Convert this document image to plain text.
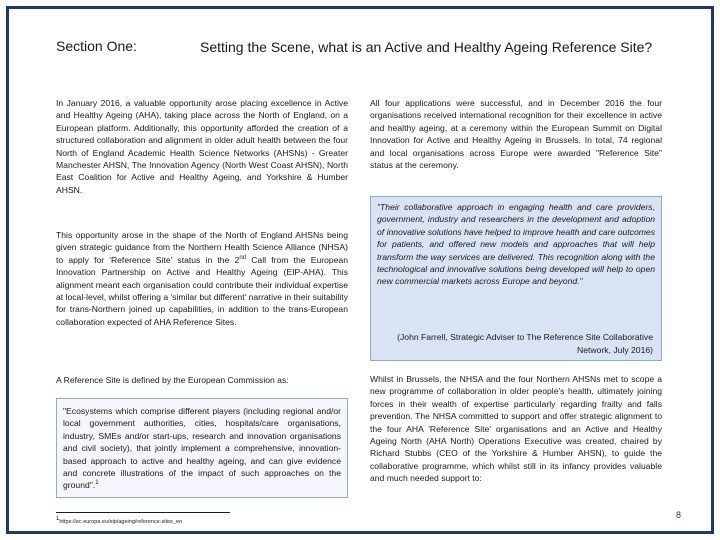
Section One:	Setting the Scene, what is an Active and Healthy Ageing Reference Site?

In January 2016, a valuable opportunity arose placing excellence in Active and Healthy Ageing (AHA), taking place across the North of England, on a European platform. Additionally, this opportunity afforded the creation of a structured collaboration and alignment in older adult health between the four North of England Academic Health Science Networks (AHSNs) - Greater Manchester AHSN, The Innovation Agency (North West Coast AHSN), North East Coalition for Active and Healthy Ageing, and Yorkshire & Humber AHSN.

This opportunity arose in the shape of the North of England AHSNs being given strategic guidance from the Northern Health Science Alliance (NHSA) to apply for 'Reference Site' status in the 2nd Call from the European Innovation Partnership on Active and Healthy Ageing (EIP-AHA). This alignment meant each organisation could contribute their individual expertise at local-level, whilst offering a 'similar but different' narrative in their suitability for trans-Northern joined up capabilities, in addition to the trans-European collaboration expected of AHA Reference Sites.

A Reference Site is defined by the European Commission as:

"Ecosystems which comprise different players (including regional and/or local government authorities, cities, hospitals/care organisations, industry, SMEs and/or start-ups, research and innovation organisations and civil society), that jointly implement a comprehensive, innovation-based approach to active and healthy ageing, and can give evidence and concrete illustrations of the impact of such approaches on the ground".$^1$

All four applications were successful, and in December 2016 the four organisations received international recognition for their excellence in active and healthy ageing, at a ceremony within the European Summit on Digital Innovation for Active and Healthy Ageing in Brussels. In total, 74 regional and local organisations across Europe were awarded "Reference Site" status at the ceremony.

"Their collaborative approach in engaging health and care providers, government, industry and researchers in the development and adoption of innovative solutions have helped to improve health and care outcomes for patients, and offered new models and approaches that will help transform the way services are delivered. This recognition along with the technological and innovative solutions being developed will help to open new commercial markets across Europe and beyond."

(John Farrell, Strategic Adviser to The Reference Site Collaborative Network, July 2016)

Whilst in Brussels, the NHSA and the four Northern AHSNs met to scope a new programme of collaboration in older people's health, ultimately joining forces in their wealth of expertise particularly regarding frailty and falls prevention. The NHSA committed to support and offer strategic alignment to the four AHA 'Reference Site' organisations and an Active and Healthy Ageing North (AHA North) Operations Executive was created, chaired by Richard Stubbs (CEO of the Yorkshire & Humber AHSN), to guide the collaborative programme, which whilst still in its infancy provides valuable and much needed support to:

$^1$https://ec.europa.eu/eip/ageing/reference-sites_en
8
